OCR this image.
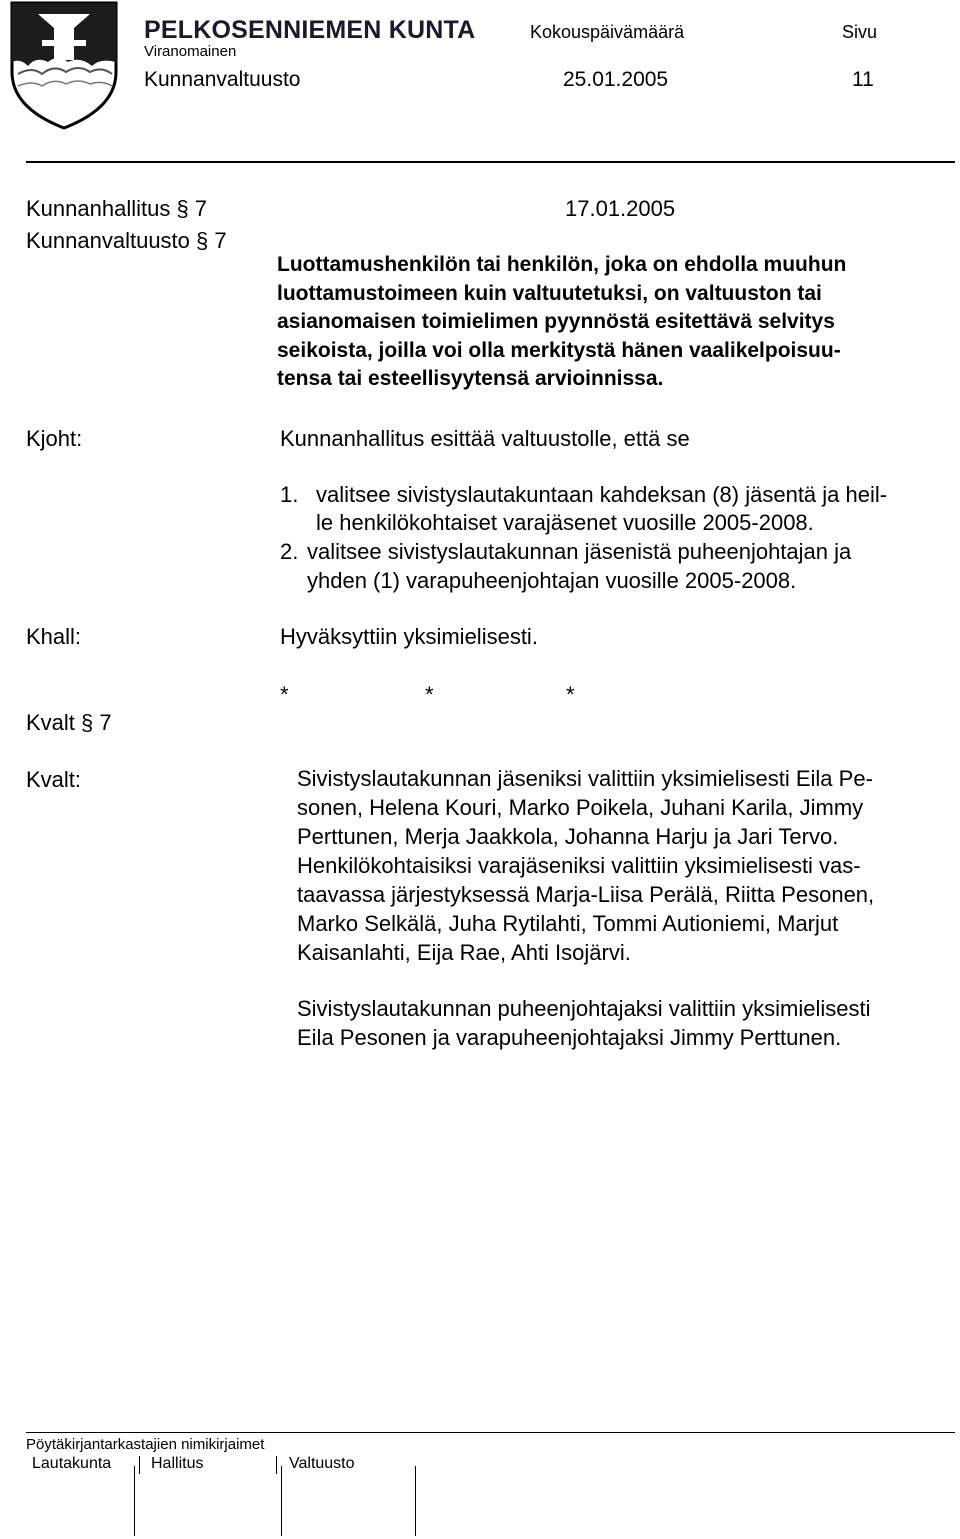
PELKOSENNIEMEN KUNTA
Viranomainen
Kokouspäivämäärä	Sivu
Kunnanvaltuusto	25.01.2005	11
Kunnanhallitus § 7	17.01.2005
Kunnanvaltuusto § 7
Luottamushenkilön tai henkilön, joka on ehdolla muuhun
luottamustoimeen kuin valtuutetuksi, on valtuuston tai
asianomaisen toimielimen pyynnöstä esitettävä selvitys
seikoista, joilla voi olla merkitystä hänen vaalikelpoisuu-
tensa tai esteellisyytensä arvioinnissa.
Kjoht:	Kunnanhallitus esittää valtuustolle, että se
1. valitsee sivistyslautakuntaan kahdeksan (8) jäsentä ja heil-
le henkilökohtaiset varajäsenet vuosille 2005-2008.
2. valitsee sivistyslautakunnan jäsenistä puheenjohtajan ja
yhden (1) varapuheenjohtajan vuosille 2005-2008.
Khall:	Hyväksyttiin yksimielisesti.
*	*	*
Kvalt § 7
Kvalt:	Sivistyslautakunnan jäseniksi valittiin yksimielisesti Eila Pe-
sonen, Helena Kouri, Marko Poikela, Juhani Karila, Jimmy
Perttunen, Merja Jaakkola, Johanna Harju ja Jari Tervo.
Henkilökohtaisiksi varajäseniksi valittiin yksimielisesti vas-
taavassa järjestyksessä Marja-Liisa Perälä, Riitta Pesonen,
Marko Selkälä, Juha Rytilahti, Tommi Autioniemi, Marjut
Kaisanlahti, Eija Rae, Ahti Isojärvi.
Sivistyslautakunnan puheenjohtajaksi valittiin yksimielisesti
Eila Pesonen ja varapuheenjohtajaksi Jimmy Perttunen.
Pöytäkirjantarkastajien nimikirjaimet
Lautakunta Hallitus	Valtuusto
